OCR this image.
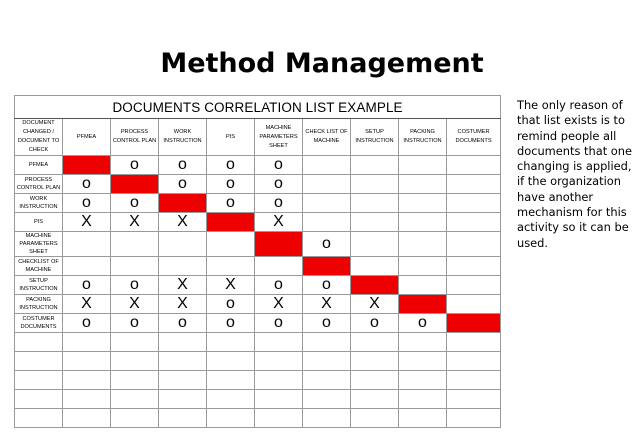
Method Management
DOCUMENTS CORRELATION LIST EXAMPLE									
DOCUMENT CHANGED / DOCUMENT TO CHECK	PFMEA	PROCESS CONTROL PLAN	WORK INSTRUCTION	PIS	MACHINE PARAMETERS SHEET	CHECK LIST OF MACHINE	SETUP INSTRUCTION	PACKING INSTRUCTION	COSTUMER DOCUMENTS
PFMEA		o	o	o	o				
PROCESS CONTROL PLAN	o		o	o	o				
WORK INSTRUCTION	o	o		o	o				
PIS	X	X	X		X				
MACHINE PARAMETERS SHEET						o			
CHECKLIST OF MACHINE									
SETUP INSTRUCTION	o	o	X	X	o	o			
PACKING INSTRUCTION	X	X	X	o	X	X	X		
COSTUMER DOCUMENTS	o	o	o	o	o	o	o	o	

The only reason of that list exists is to remind people all documents that one changing is applied, if the organization have another mechanism for this activity so it can be used.
